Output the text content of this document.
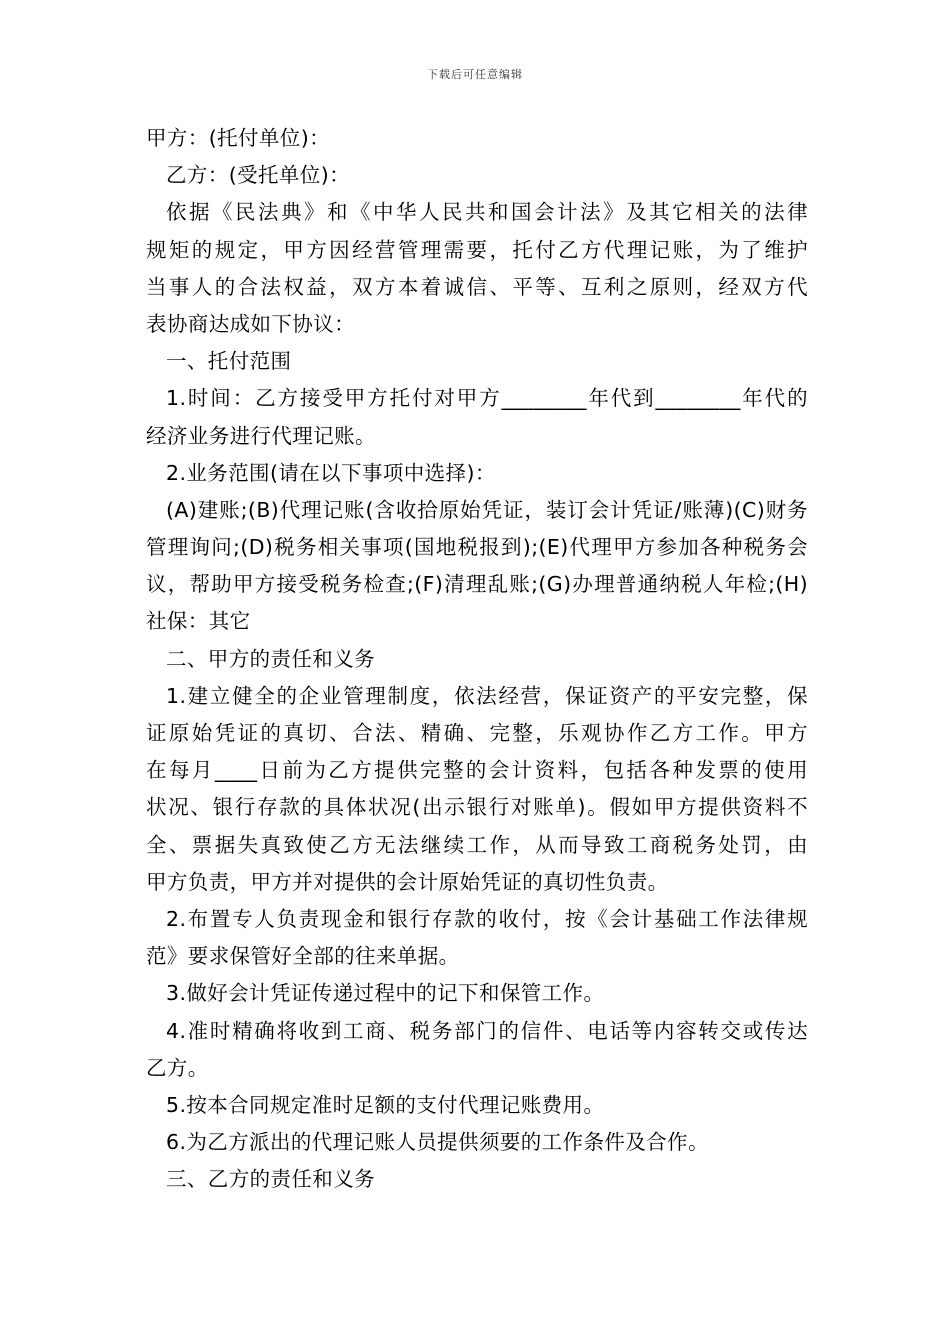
下载后可任意编辑
甲方：(托付单位)：
乙方：(受托单位)：
依据《民法典》和《中华人民共和国会计法》及其它相关的法律
规矩的规定，甲方因经营管理需要，托付乙方代理记账，为了维护
当事人的合法权益，双方本着诚信、平等、互利之原则，经双方代
表协商达成如下协议：
一、托付范围
1.时间：乙方接受甲方托付对甲方________年代到________年代的
经济业务进行代理记账。
2.业务范围(请在以下事项中选择)：
(A)建账;(B)代理记账(含收拾原始凭证，装订会计凭证/账薄)(C)财务
管理询问;(D)税务相关事项(国地税报到);(E)代理甲方参加各种税务会
议，帮助甲方接受税务检查;(F)清理乱账;(G)办理普通纳税人年检;(H)
社保：其它
二、甲方的责任和义务
1.建立健全的企业管理制度，依法经营，保证资产的平安完整，保
证原始凭证的真切、合法、精确、完整，乐观协作乙方工作。甲方
在每月____日前为乙方提供完整的会计资料，包括各种发票的使用
状况、银行存款的具体状况(出示银行对账单)。假如甲方提供资料不
全、票据失真致使乙方无法继续工作，从而导致工商税务处罚，由
甲方负责，甲方并对提供的会计原始凭证的真切性负责。
2.布置专人负责现金和银行存款的收付，按《会计基础工作法律规
范》要求保管好全部的往来单据。
3.做好会计凭证传递过程中的记下和保管工作。
4.准时精确将收到工商、税务部门的信件、电话等内容转交或传达
乙方。
5.按本合同规定准时足额的支付代理记账费用。
6.为乙方派出的代理记账人员提供须要的工作条件及合作。
三、乙方的责任和义务
